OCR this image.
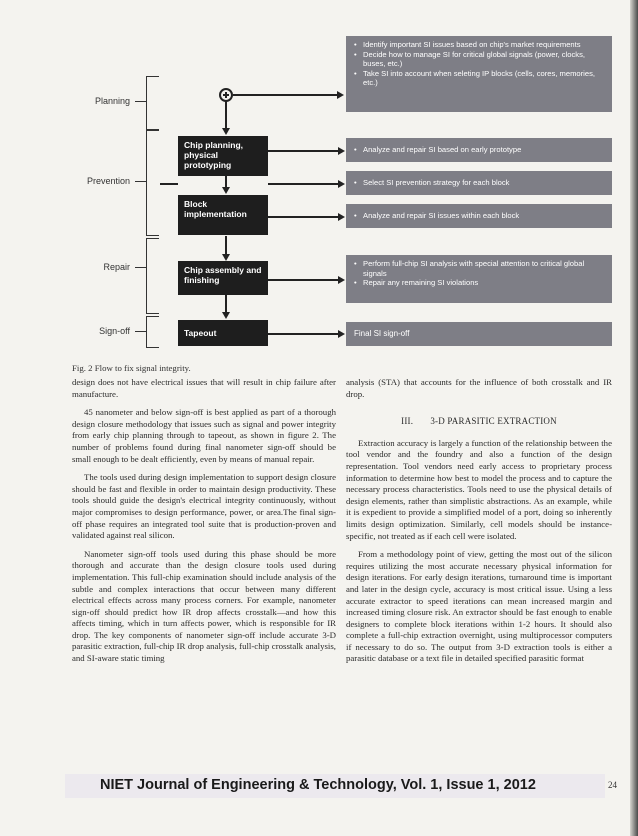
Planning
Prevention
Repair
Sign-off
Chip planning, physical prototyping
Block implementation
Chip assembly and finishing
Tapeout
• Identify important SI issues based on chip's market requirements
• Decide how to manage SI for critical global signals (power, clocks, buses, etc.)
• Take SI into account when seleting IP blocks (cells, cores, memories, etc.)
• Analyze and repair SI based on early prototype
• Select SI prevention strategy for each block
• Analyze and repair SI issues within each block
• Perform full-chip SI analysis with special attention to critical global signals
• Repair any remaining SI violations
Final SI sign-off
Fig. 2 Flow to fix signal integrity.

design does not have electrical issues that will result in chip failure after manufacture.

45 nanometer and below sign-off is best applied as part of a thorough design closure methodology that issues such as signal and power integrity from early chip planning through to tapeout, as shown in figure 2. The number of problems found during final nanometer sign-off should be small enough to be dealt efficiently, even by means of manual repair.

The tools used during design implementation to support design closure should be fast and flexible in order to maintain design productivity. These tools should guide the design's electrical integrity continuously, without major compromises to design performance, power, or area.The final sign-off phase requires an integrated tool suite that is production-proven and validated against real silicon.

Nanometer sign-off tools used during this phase should be more thorough and accurate than the design closure tools used during implementation. This full-chip examination should include analysis of the subtle and complex interactions that occur between many different electrical effects across many process corners. For example, nanometer sign-off should predict how IR drop affects crosstalk—and how this affects timing, which in turn affects power, which is responsible for IR drop. The key components of nanometer sign-off include accurate 3-D parasitic extraction, full-chip IR drop analysis, full-chip crosstalk analysis, and SI-aware static timing

analysis (STA) that accounts for the influence of both crosstalk and IR drop.

III. 3-D PARASITIC EXTRACTION

Extraction accuracy is largely a function of the relationship between the tool vendor and the foundry and also a function of the design representation. Tool vendors need early access to proprietary process information to determine how best to model the process and to capture the necessary process characteristics. Tools need to use the physical details of design elements, rather than simplistic abstractions. As an example, while it is expedient to provide a simplified model of a port, doing so inherently limits design optimization. Similarly, cell models should be instance-specific, not treated as if each cell were isolated.

From a methodology point of view, getting the most out of the silicon requires utilizing the most accurate necessary physical information for design iterations. For early design iterations, turnaround time is important and later in the design cycle, accuracy is most critical issue. Using a less accurate extractor to speed iterations can mean increased margin and increased timing closure risk. An extractor should be fast enough to enable designers to complete block iterations within 1-2 hours. It should also complete a full-chip extraction overnight, using multiprocessor computers if necessary to do so. The output from 3-D extraction tools is either a parasitic database or a text file in detailed specified parasitic format

NIET Journal of Engineering & Technology, Vol. 1, Issue 1, 2012	24
